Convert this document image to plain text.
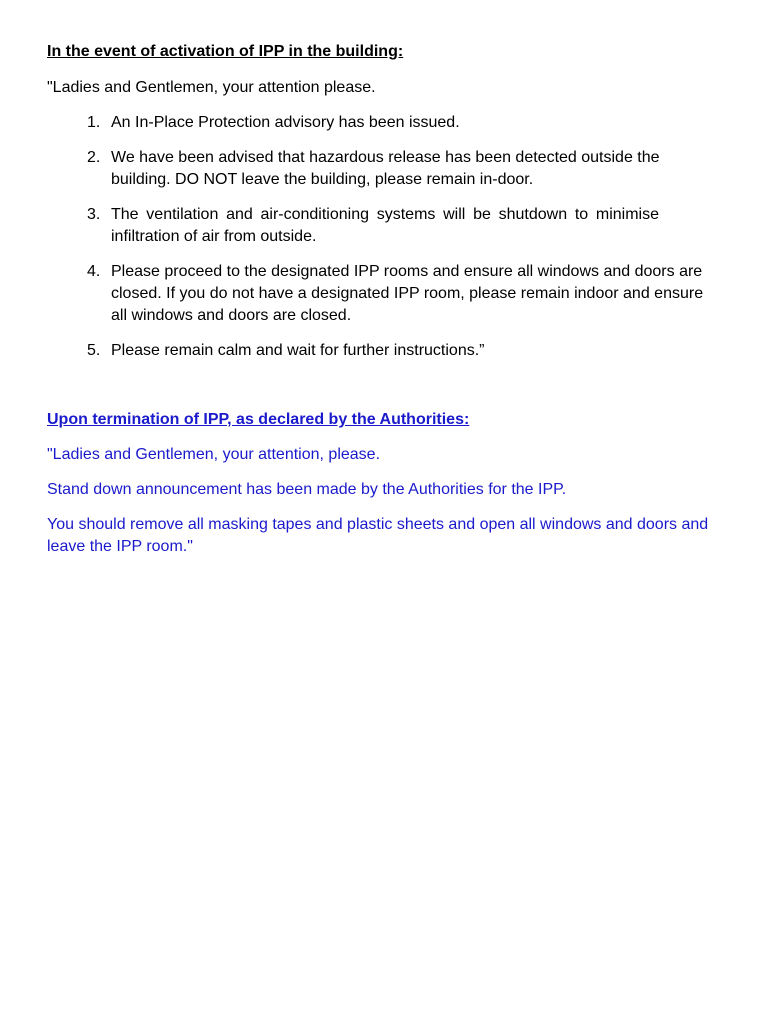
In the event of activation of IPP in the building:

"Ladies and Gentlemen, your attention please.

1. An In-Place Protection advisory has been issued.

2. We have been advised that hazardous release has been detected outside the building. DO NOT leave the building, please remain in-door.

3. The ventilation and air-conditioning systems will be shutdown to minimise infiltration of air from outside.

4. Please proceed to the designated IPP rooms and ensure all windows and doors are closed. If you do not have a designated IPP room, please remain indoor and ensure all windows and doors are closed.

5. Please remain calm and wait for further instructions.”

Upon termination of IPP, as declared by the Authorities:

"Ladies and Gentlemen, your attention, please.

Stand down announcement has been made by the Authorities for the IPP.

You should remove all masking tapes and plastic sheets and open all windows and doors and leave the IPP room."
